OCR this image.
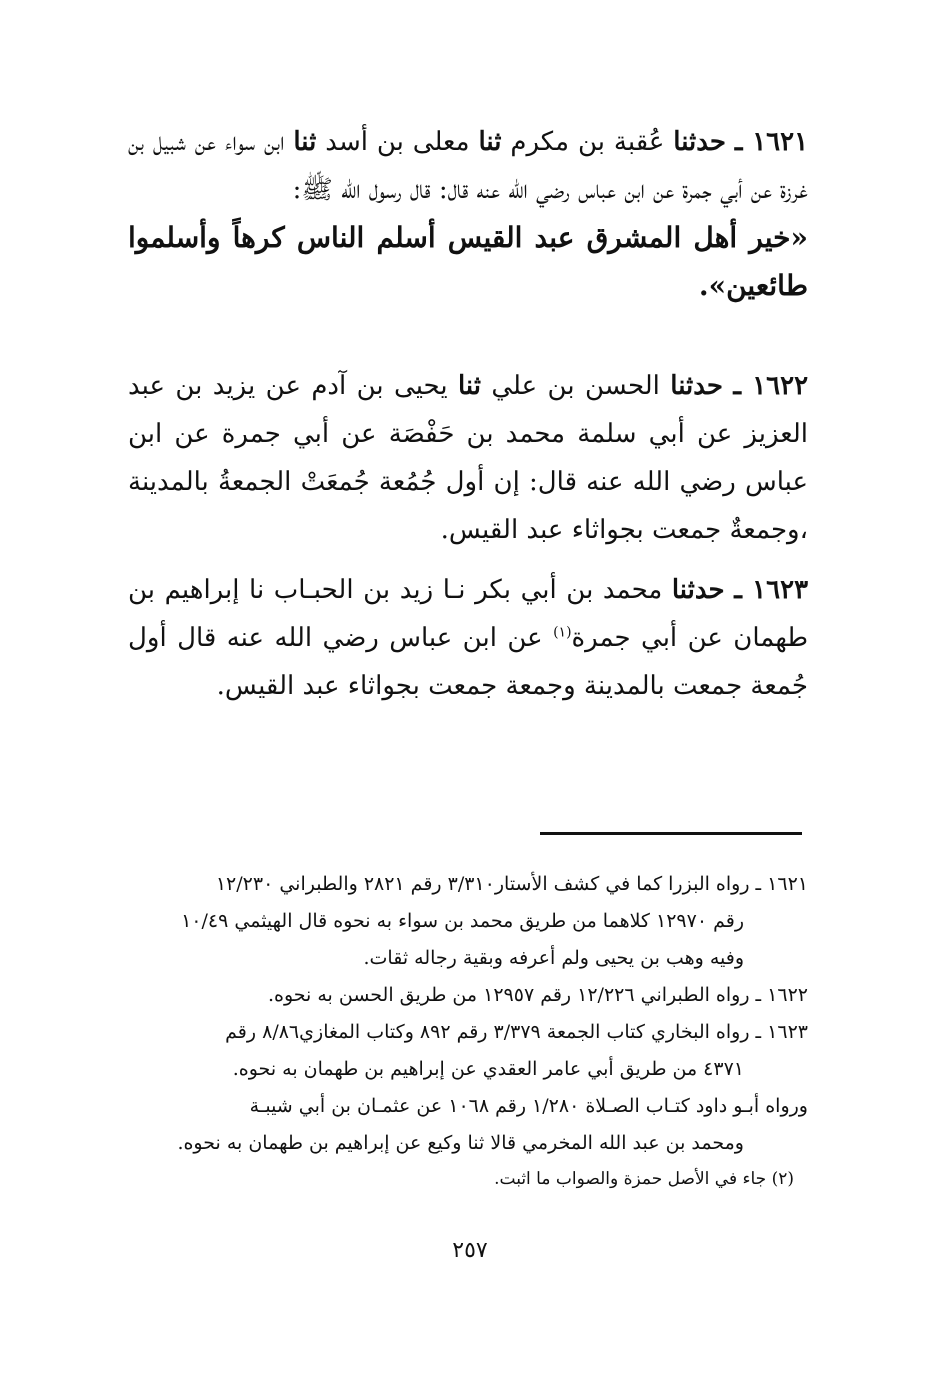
١٦٢١ ـ حدثنا عُقبة بن مكرم ثنا معلى بن أسد ثنا ابن سواء عن شبيل بن غرزة عن أبي جمرة عن ابن عباس رضي الله عنه قال: قال رسول الله ﷺ:

«خير أهل المشرق عبد القيس أسلم الناس كرهاً وأسلموا طائعين».

١٦٢٢ ـ حدثنا الحسن بن علي ثنا يحيى بن آدم عن يزيد بن عبد العزيز عن أبي سلمة محمد بن حَفْصَة عن أبي جمرة عن ابن عباس رضي الله عنه قال: إن أول جُمُعة جُمعَتْ الجمعةُ بالمدينة ،وجمعةٌ جمعت بجواثاء عبد القيس.

١٦٢٣ ـ حدثنا محمد بن أبي بكر نـا زيد بن الحبـاب نا إبراهيم بن طهمان عن أبي جمرة$^{(١)}$ عن ابن عباس رضي الله عنه قال أول جُمعة جمعت بالمدينة وجمعة جمعت بجواثاء عبد القيس.

١٦٢١ ـ رواه البزرا كما في كشف الأستار٣/٣١٠ رقم ٢٨٢١ والطبراني ١٢/٢٣٠

رقم ١٢٩٧٠ كلاهما من طريق محمد بن سواء به نحوه قال الهيثمي ١٠/٤٩

وفيه وهب بن يحيى ولم أعرفه وبقية رجاله ثقات.

١٦٢٢ ـ رواه الطبراني ١٢/٢٢٦ رقم ١٢٩٥٧ من طريق الحسن به نحوه.

١٦٢٣ ـ رواه البخاري كتاب الجمعة ٣/٣٧٩ رقم ٨٩٢ وكتاب المغازي٨/٨٦ رقم

٤٣٧١ من طريق أبي عامر العقدي عن إبراهيم بن طهمان به نحوه.

ورواه أبـو داود كتـاب الصـلاة ١/٢٨٠ رقم ١٠٦٨ عن عثمـان بن أبي شيبـة

ومحمد بن عبد الله المخرمي قالا ثنا وكيع عن إبراهيم بن طهمان به نحوه.

(٢) جاء في الأصل حمزة والصواب ما اثبت.

٢٥٧
